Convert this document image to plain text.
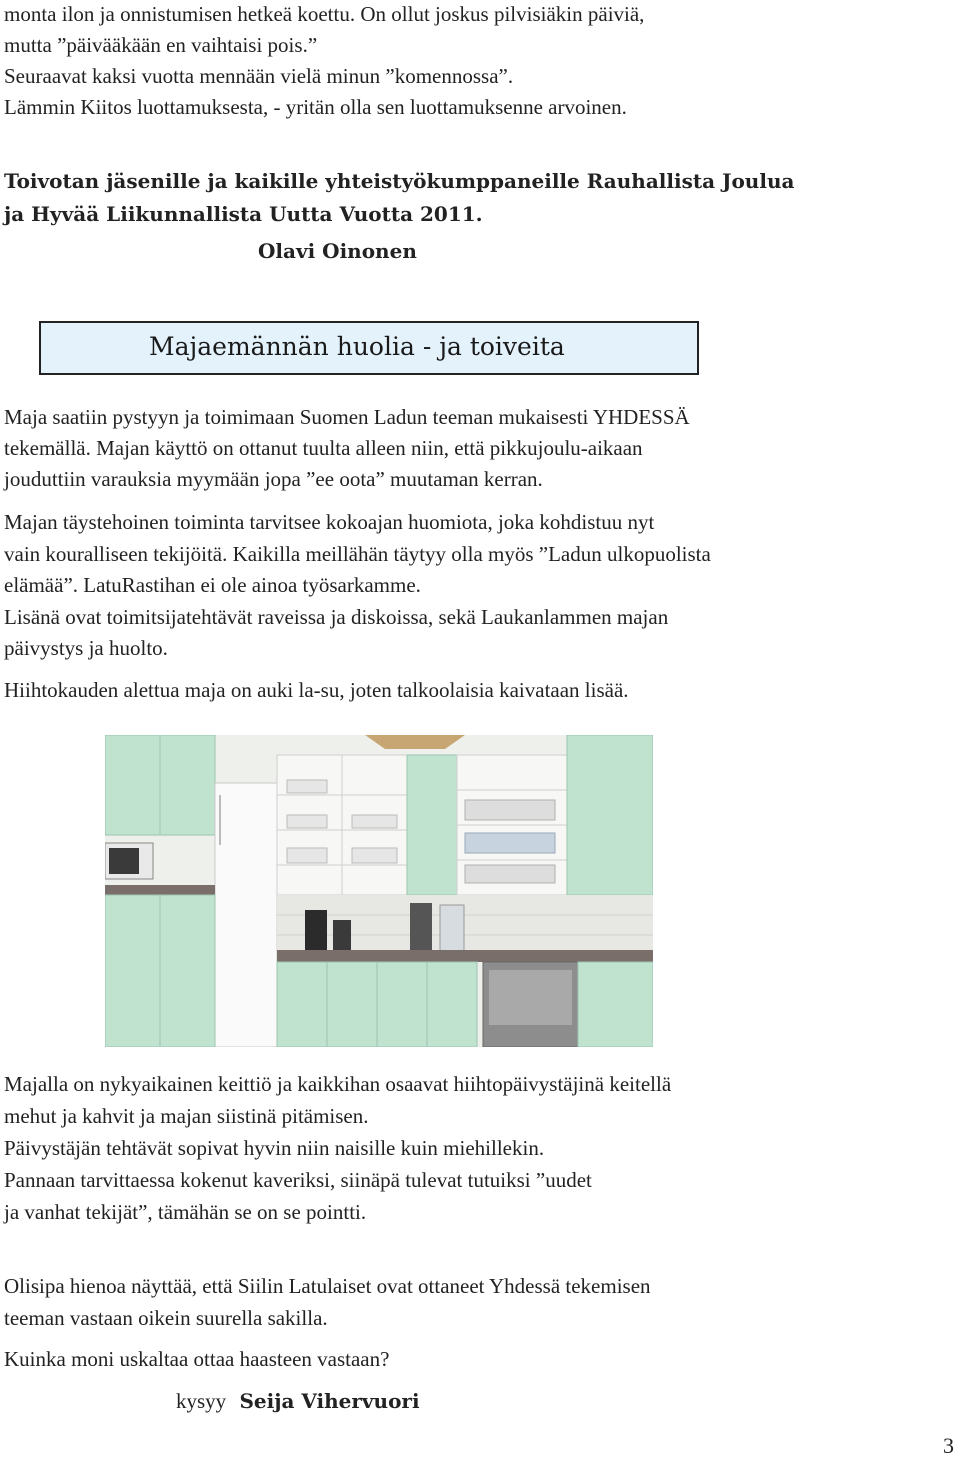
monta ilon ja onnistumisen hetkeä koettu. On ollut joskus pilvisiäkin päiviä,
mutta ”päivääkään en vaihtaisi pois.”
Seuraavat kaksi vuotta mennään vielä minun ”komennossa”.
Lämmin Kiitos luottamuksesta, - yritän olla sen luottamuksenne arvoinen.
Toivotan jäsenille ja kaikille yhteistyökumppaneille Rauhallista Joulua
ja Hyvää Liikunnallista Uutta Vuotta 2011.
Olavi Oinonen
Majaemännän huolia - ja toiveita
Maja saatiin pystyyn ja toimimaan Suomen Ladun teeman mukaisesti YHDESSÄ
tekemällä. Majan käyttö on ottanut tuulta alleen niin, että pikkujoulu-aikaan
jouduttiin varauksia myymään jopa ”ee oota” muutaman kerran.
Majan täystehoinen toiminta tarvitsee kokoajan huomiota, joka kohdistuu nyt
vain kouralliseen tekijöitä. Kaikilla meillähän täytyy olla myös ”Ladun ulkopuolista
elämää”. LatuRastihan ei ole ainoa työsarkamme.
Lisänä ovat toimitsijatehtävät raveissa ja diskoissa, sekä Laukanlammen majan
päivystys ja huolto.
Hiihtokauden alettua maja on auki la-su, joten talkoolaisia kaivataan lisää.
Majalla on nykyaikainen keittiö ja kaikkihan osaavat hiihtopäivystäjinä keitellä
mehut ja kahvit ja majan siistinä pitämisen.
Päivystäjän tehtävät sopivat hyvin niin naisille kuin miehillekin.
Pannaan tarvittaessa kokenut kaveriksi, siinäpä tulevat tutuiksi ”uudet
ja vanhat tekijät”, tämähän se on se pointti.
Olisipa hienoa näyttää, että Siilin Latulaiset ovat ottaneet Yhdessä tekemisen
teeman vastaan oikein suurella sakilla.
Kuinka moni uskaltaa ottaa haasteen vastaan?
kysyy Seija Vihervuori
3
